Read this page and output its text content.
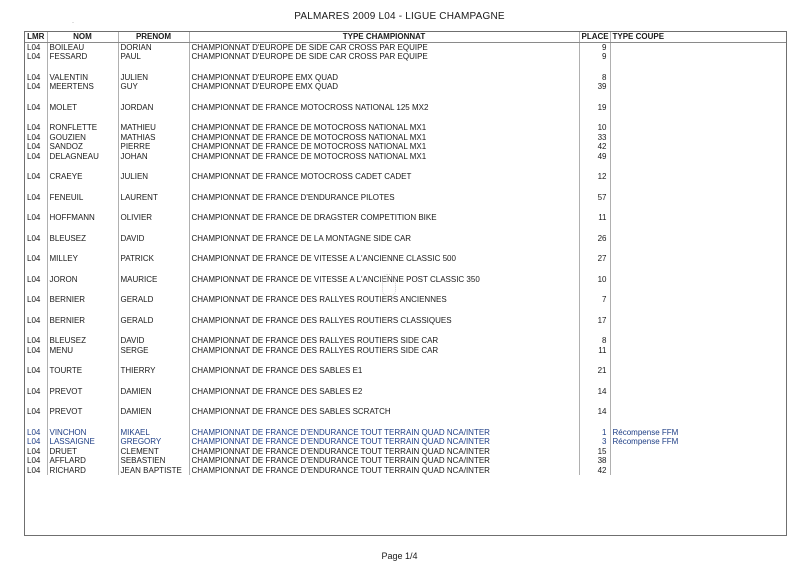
PALMARES 2009 L04 - LIGUE CHAMPAGNE
·
LMR	NOM	PRENOM	TYPE CHAMPIONNAT	PLACE	TYPE COUPE
L04	BOILEAU	DORIAN	CHAMPIONNAT D'EUROPE DE SIDE CAR CROSS PAR EQUIPE	9	
L04	FESSARD	PAUL	CHAMPIONNAT D'EUROPE DE SIDE CAR CROSS PAR EQUIPE	9	

L04	VALENTIN	JULIEN	CHAMPIONNAT D'EUROPE EMX QUAD	8	
L04	MEERTENS	GUY	CHAMPIONNAT D'EUROPE EMX QUAD	39	

L04	MOLET	JORDAN	CHAMPIONNAT DE FRANCE MOTOCROSS NATIONAL 125 MX2	19	

L04	RONFLETTE	MATHIEU	CHAMPIONNAT DE FRANCE DE MOTOCROSS NATIONAL MX1	10	
L04	GOUZIEN	MATHIAS	CHAMPIONNAT DE FRANCE DE MOTOCROSS NATIONAL MX1	33	
L04	SANDOZ	PIERRE	CHAMPIONNAT DE FRANCE DE MOTOCROSS NATIONAL MX1	42	
L04	DELAGNEAU	JOHAN	CHAMPIONNAT DE FRANCE DE MOTOCROSS NATIONAL MX1	49	

L04	CRAEYE	JULIEN	CHAMPIONNAT DE FRANCE MOTOCROSS CADET CADET	12	

L04	FENEUIL	LAURENT	CHAMPIONNAT DE FRANCE D'ENDURANCE PILOTES	57	

L04	HOFFMANN	OLIVIER	CHAMPIONNAT DE FRANCE DE DRAGSTER COMPETITION BIKE	11	

L04	BLEUSEZ	DAVID	CHAMPIONNAT DE FRANCE DE LA MONTAGNE SIDE CAR	26	

L04	MILLEY	PATRICK	CHAMPIONNAT DE FRANCE DE VITESSE A L'ANCIENNE CLASSIC 500	27	

L04	JORON	MAURICE	CHAMPIONNAT DE FRANCE DE VITESSE A L'ANCIENNE POST CLASSIC 350	10	

L04	BERNIER	GERALD	CHAMPIONNAT DE FRANCE DES RALLYES ROUTIERS ANCIENNES	7	

L04	BERNIER	GERALD	CHAMPIONNAT DE FRANCE DES RALLYES ROUTIERS CLASSIQUES	17	

L04	BLEUSEZ	DAVID	CHAMPIONNAT DE FRANCE DES RALLYES ROUTIERS SIDE CAR	8	
L04	MENU	SERGE	CHAMPIONNAT DE FRANCE DES RALLYES ROUTIERS SIDE CAR	11	

L04	TOURTE	THIERRY	CHAMPIONNAT DE FRANCE DES SABLES E1	21	

L04	PREVOT	DAMIEN	CHAMPIONNAT DE FRANCE DES SABLES E2	14	

L04	PREVOT	DAMIEN	CHAMPIONNAT DE FRANCE DES SABLES SCRATCH	14	

L04	VINCHON	MIKAEL	CHAMPIONNAT DE FRANCE D'ENDURANCE TOUT TERRAIN QUAD NCA/INTER	1	Récompense FFM
L04	LASSAIGNE	GREGORY	CHAMPIONNAT DE FRANCE D'ENDURANCE TOUT TERRAIN QUAD NCA/INTER	3	Récompense FFM
L04	DRUET	CLEMENT	CHAMPIONNAT DE FRANCE D'ENDURANCE TOUT TERRAIN QUAD NCA/INTER	15	
L04	AFFLARD	SEBASTIEN	CHAMPIONNAT DE FRANCE D'ENDURANCE TOUT TERRAIN QUAD NCA/INTER	38	
L04	RICHARD	JEAN BAPTISTE	CHAMPIONNAT DE FRANCE D'ENDURANCE TOUT TERRAIN QUAD NCA/INTER	42	
Page 1/4
